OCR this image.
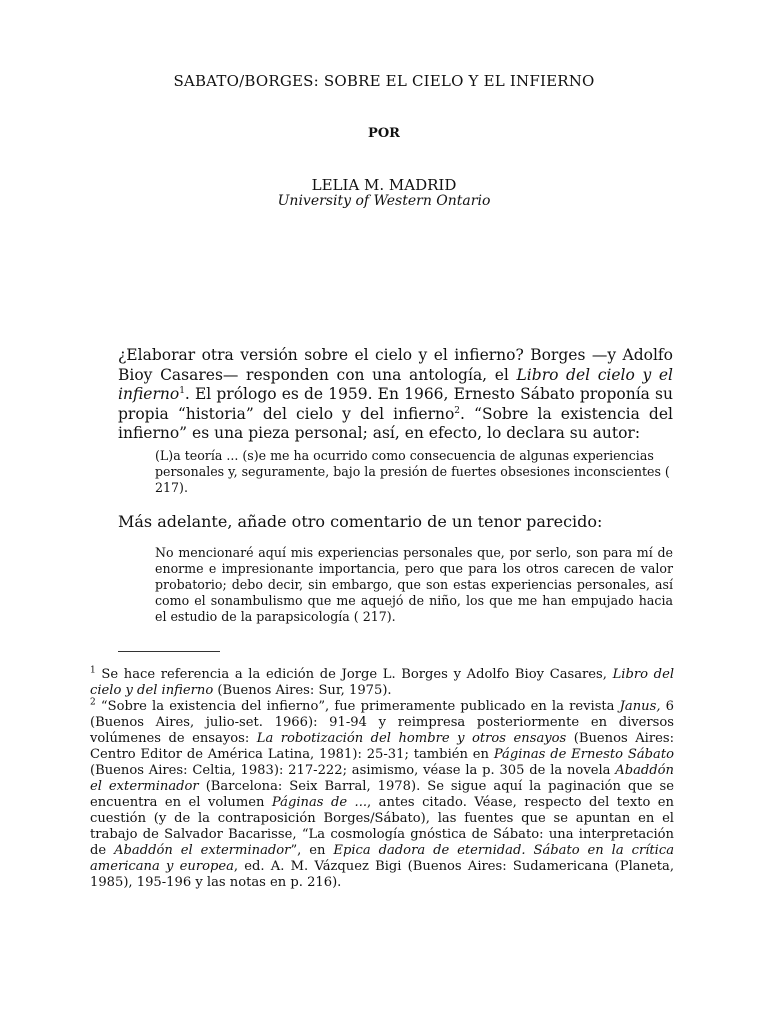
SABATO/BORGES: SOBRE EL CIELO Y EL INFIERNO
POR
LELIA M. MADRID
University of Western Ontario
¿Elaborar otra versión sobre el cielo y el infierno? Borges —y Adolfo Bioy Casares— responden con una antología, el Libro del cielo y el infierno$^1$. El prólogo es de 1959. En 1966, Ernesto Sábato proponía su propia “historia” del cielo y del infierno$^2$. “Sobre la existencia del infierno” es una pieza personal; así, en efecto, lo declara su autor:
(L)a teoría ... (s)e me ha ocurrido como consecuencia de algunas experiencias personales y, seguramente, bajo la presión de fuertes obsesiones inconscientes ( 217).
Más adelante, añade otro comentario de un tenor parecido:
No mencionaré aquí mis experiencias personales que, por serlo, son para mí de enorme e impresionante importancia, pero que para los otros carecen de valor probatorio; debo decir, sin embargo, que son estas experiencias personales, así como el sonambulismo que me aquejó de niño, los que me han empujado hacia el estudio de la parapsicología ( 217).

$^1$ Se hace referencia a la edición de Jorge L. Borges y Adolfo Bioy Casares, Libro del cielo y del infierno (Buenos Aires: Sur, 1975).

$^2$ “Sobre la existencia del infierno”, fue primeramente publicado en la revista Janus, 6 (Buenos Aires, julio-set. 1966): 91-94 y reimpresa posteriormente en diversos volúmenes de ensayos: La robotización del hombre y otros ensayos (Buenos Aires: Centro Editor de América Latina, 1981): 25-31; también en Páginas de Ernesto Sábato (Buenos Aires: Celtia, 1983): 217-222; asimismo, véase la p. 305 de la novela Abaddón el exterminador (Barcelona: Seix Barral, 1978). Se sigue aquí la paginación que se encuentra en el volumen Páginas de ..., antes citado. Véase, respecto del texto en cuestión (y de la contraposición Borges/Sábato), las fuentes que se apuntan en el trabajo de Salvador Bacarisse, “La cosmología gnóstica de Sábato: una interpretación de Abaddón el exterminador”, en Epica dadora de eternidad. Sábato en la crítica americana y europea, ed. A. M. Vázquez Bigi (Buenos Aires: Sudamericana (Planeta, 1985), 195-196 y las notas en p. 216).
